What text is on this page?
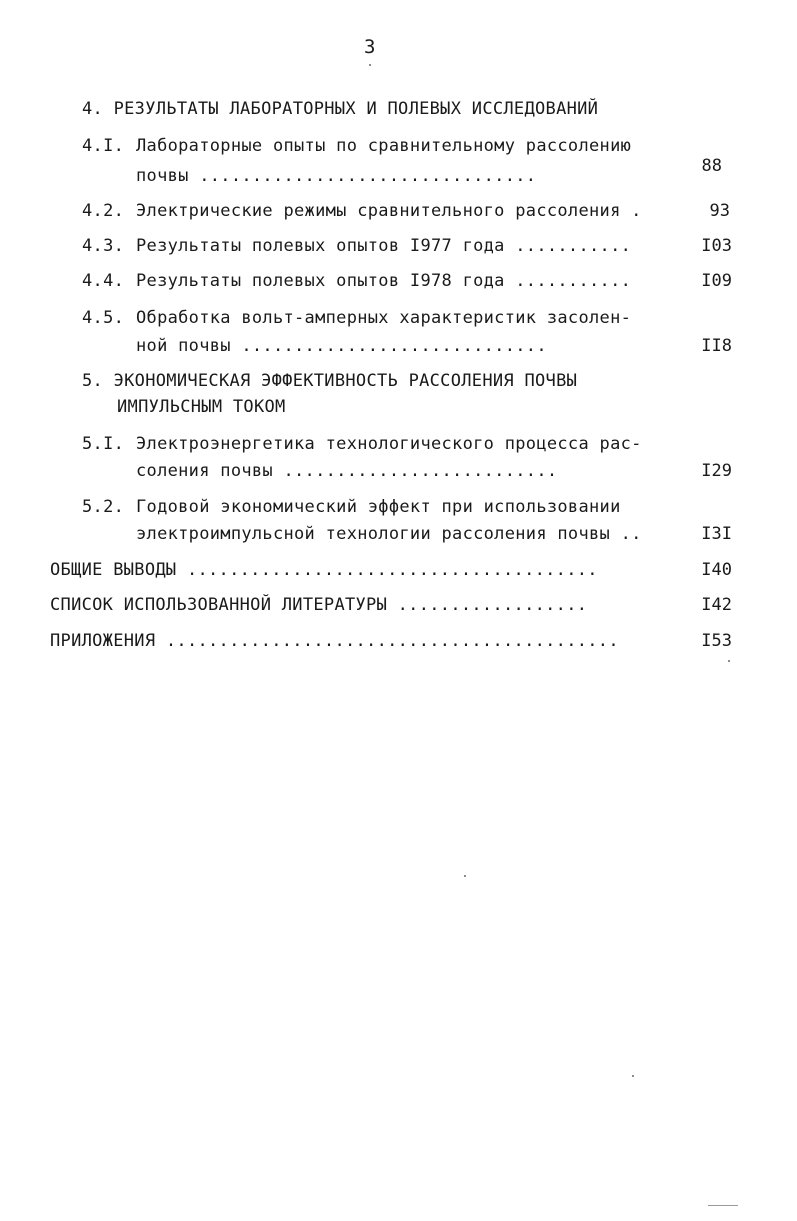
3
4. РЕЗУЛЬТАТЫ ЛАБОРАТОРНЫХ И ПОЛЕВЫХ ИССЛЕДОВАНИЙ
4.I. Лабораторные опыты по сравнительному рассолению
почвы ................................	88
4.2. Электрические режимы сравнительного рассоления .	93
4.3. Результаты полевых опытов I977 года ...........	I03
4.4. Результаты полевых опытов I978 года ...........	I09
4.5. Обработка вольт-амперных характеристик засолен-
ной почвы .............................	II8
5. ЭКОНОМИЧЕСКАЯ ЭФФЕКТИВНОСТЬ РАССОЛЕНИЯ ПОЧВЫ
ИМПУЛЬСНЫМ ТОКОМ
5.I. Электроэнергетика технологического процесса рас-
соления почвы ..........................	I29
5.2. Годовой экономический эффект при использовании
электроимпульсной технологии рассоления почвы ..	I3I
ОБЩИЕ ВЫВОДЫ .......................................	I40
СПИСОК ИСПОЛЬЗОВАННОЙ ЛИТЕРАТУРЫ ..................	I42
ПРИЛОЖЕНИЯ ...........................................	I53
